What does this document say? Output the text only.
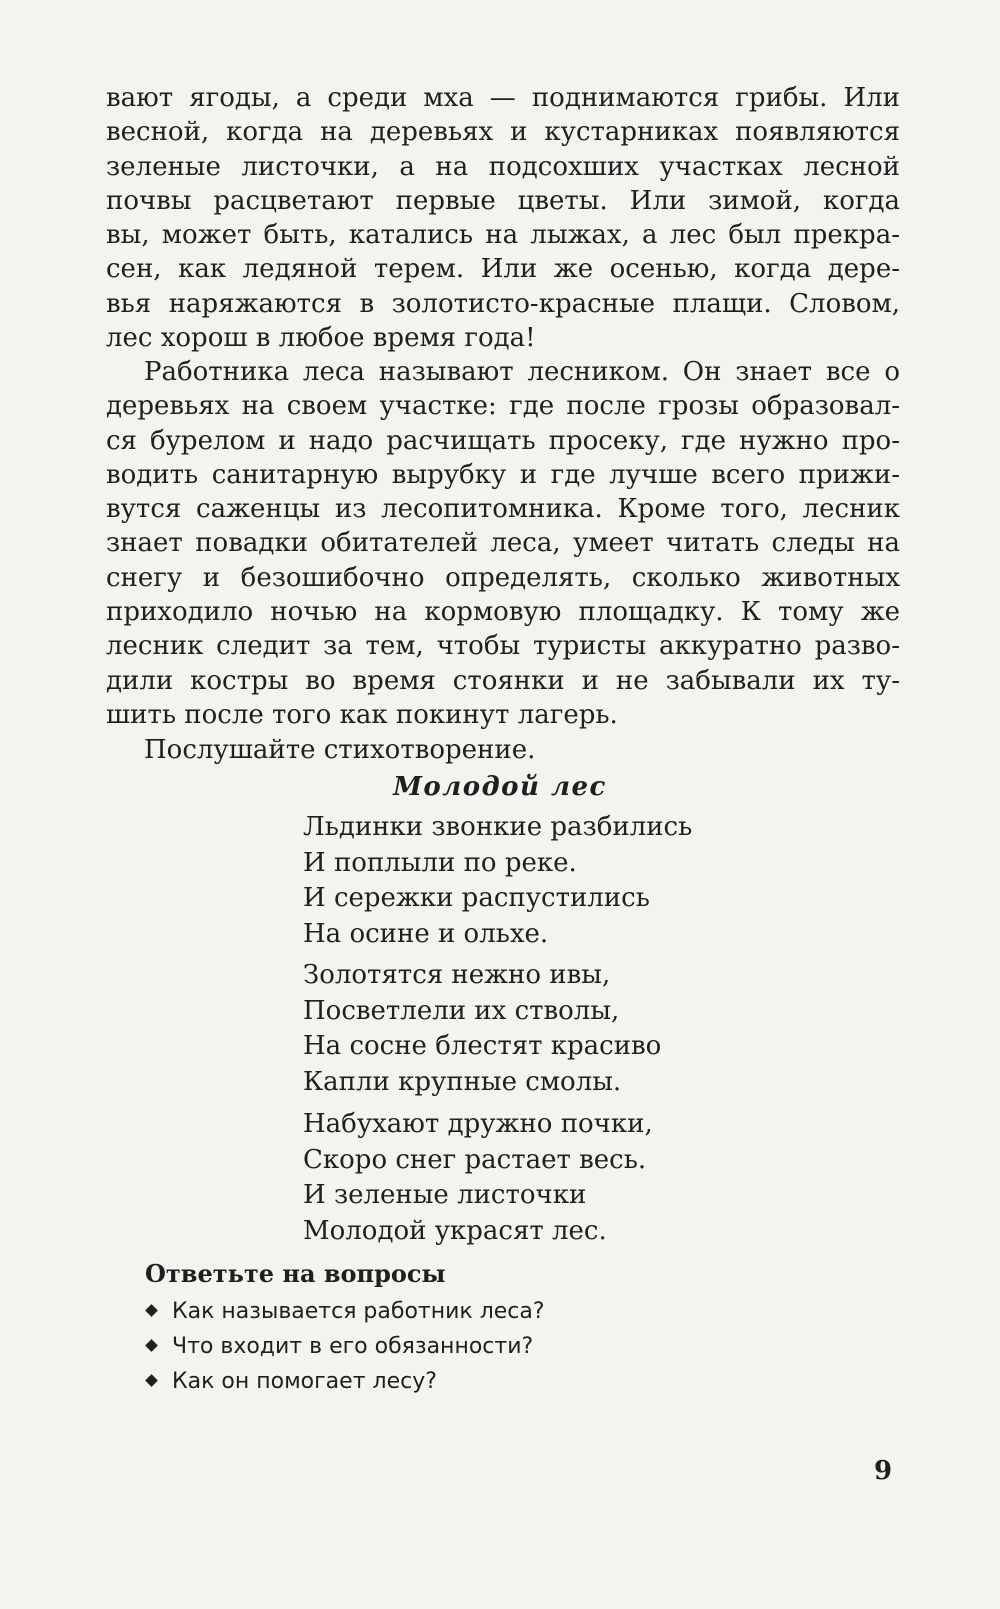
вают ягоды, а среди мха — поднимаются грибы. Или
весной, когда на деревьях и кустарниках появляются
зеленые листочки, а на подсохших участках лесной
почвы расцветают первые цветы. Или зимой, когда
вы, может быть, катались на лыжах, а лес был прекра-
сен, как ледяной терем. Или же осенью, когда дере-
вья наряжаются в золотисто-красные плащи. Словом,
лес хорош в любое время года!
Работника леса называют лесником. Он знает все о
деревьях на своем участке: где после грозы образовал-
ся бурелом и надо расчищать просеку, где нужно про-
водить санитарную вырубку и где лучше всего прижи-
вутся саженцы из лесопитомника. Кроме того, лесник
знает повадки обитателей леса, умеет читать следы на
снегу и безошибочно определять, сколько животных
приходило ночью на кормовую площадку. К тому же
лесник следит за тем, чтобы туристы аккуратно разво-
дили костры во время стоянки и не забывали их ту-
шить после того как покинут лагерь.
Послушайте стихотворение.
Молодой лес
Льдинки звонкие разбились
И поплыли по реке.
И сережки распустились
На осине и ольхе.
Золотятся нежно ивы,
Посветлели их стволы,
На сосне блестят красиво
Капли крупные смолы.
Набухают дружно почки,
Скоро снег растает весь.
И зеленые листочки
Молодой украсят лес.
Ответьте на вопросы
Как называется работник леса?
Что входит в его обязанности?
Как он помогает лесу?
9
